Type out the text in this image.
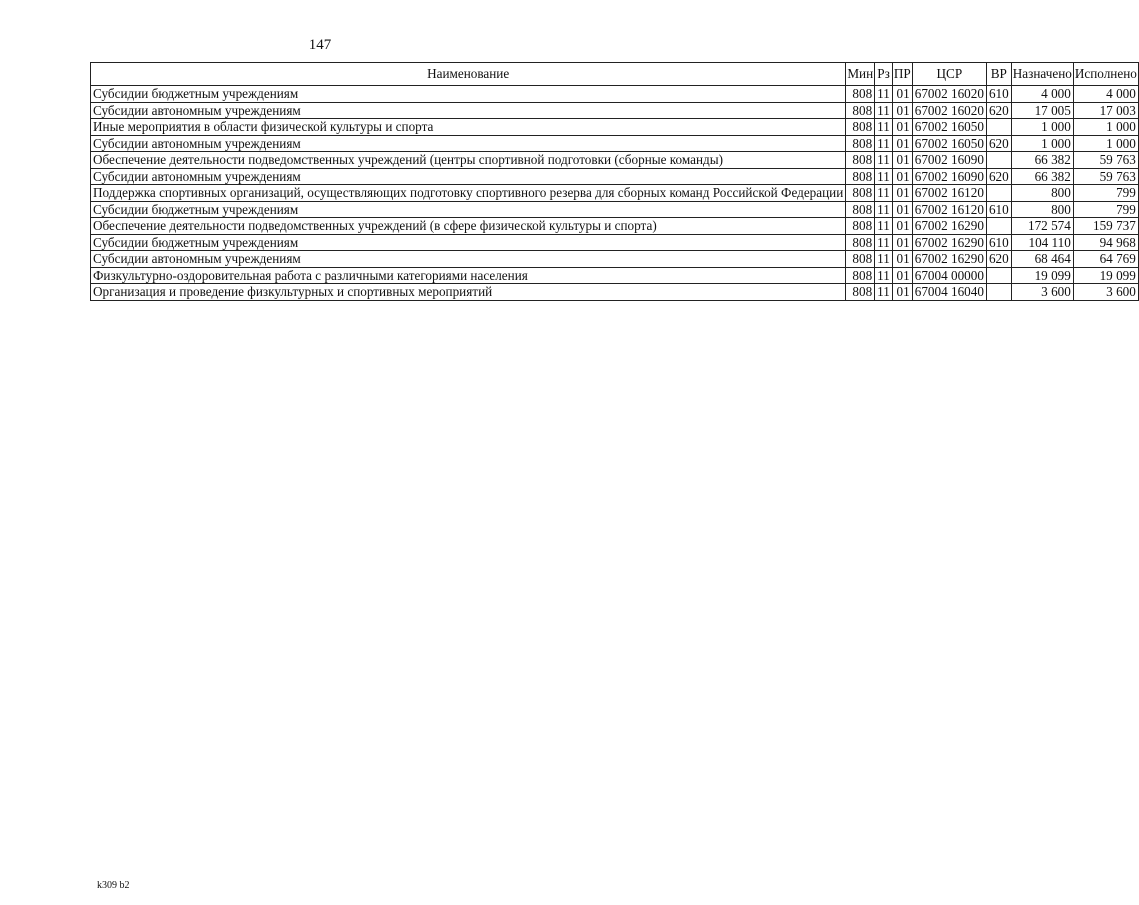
147
Наименование	Мин	Рз	ПР	ЦСР	ВР	Назначено	Исполнено
Субсидии бюджетным учреждениям	808	11	01	67002 16020	610	4 000	4 000
Субсидии автономным учреждениям	808	11	01	67002 16020	620	17 005	17 003
Иные мероприятия в области физической культуры и спорта	808	11	01	67002 16050		1 000	1 000
Субсидии автономным учреждениям	808	11	01	67002 16050	620	1 000	1 000
Обеспечение деятельности подведомственных учреждений (центры спортивной подготовки (сборные команды)	808	11	01	67002 16090		66 382	59 763
Субсидии автономным учреждениям	808	11	01	67002 16090	620	66 382	59 763
Поддержка спортивных организаций, осуществляющих подготовку спортивного резерва для сборных команд Российской Федерации	808	11	01	67002 16120		800	799
Субсидии бюджетным учреждениям	808	11	01	67002 16120	610	800	799
Обеспечение деятельности подведомственных учреждений (в сфере физической культуры и спорта)	808	11	01	67002 16290		172 574	159 737
Субсидии бюджетным учреждениям	808	11	01	67002 16290	610	104 110	94 968
Субсидии автономным учреждениям	808	11	01	67002 16290	620	68 464	64 769
Физкультурно-оздоровительная работа с различными категориями населения	808	11	01	67004 00000		19 099	19 099
Организация и проведение физкультурных и спортивных мероприятий	808	11	01	67004 16040		3 600	3 600
k309 b2
